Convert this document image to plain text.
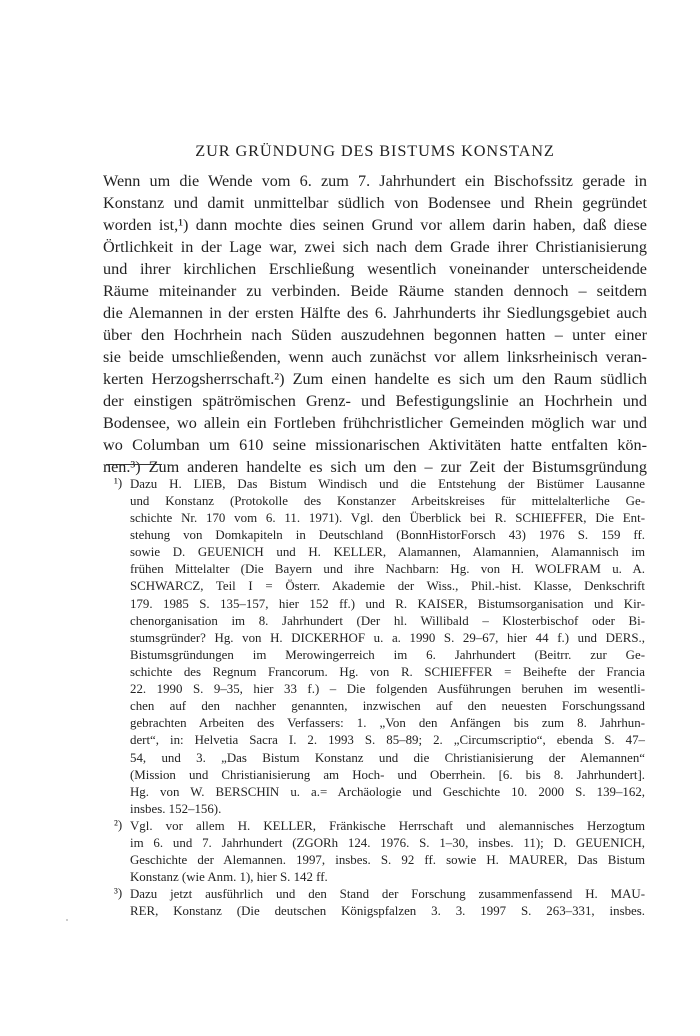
ZUR GRÜNDUNG DES BISTUMS KONSTANZ
Wenn um die Wende vom 6. zum 7. Jahrhundert ein Bischofssitz gerade in
Konstanz und damit unmittelbar südlich von Bodensee und Rhein gegründet
worden ist,¹) dann mochte dies seinen Grund vor allem darin haben, daß diese
Örtlichkeit in der Lage war, zwei sich nach dem Grade ihrer Christianisierung
und ihrer kirchlichen Erschließung wesentlich voneinander unterscheidende
Räume miteinander zu verbinden. Beide Räume standen dennoch – seitdem
die Alemannen in der ersten Hälfte des 6. Jahrhunderts ihr Siedlungsgebiet auch
über den Hochrhein nach Süden auszudehnen begonnen hatten – unter einer
sie beide umschließenden, wenn auch zunächst vor allem linksrheinisch veran-
kerten Herzogsherrschaft.²) Zum einen handelte es sich um den Raum südlich
der einstigen spätrömischen Grenz- und Befestigungslinie an Hochrhein und
Bodensee, wo allein ein Fortleben frühchristlicher Gemeinden möglich war und
wo Columban um 610 seine missionarischen Aktivitäten hatte entfalten kön-
nen.³) Zum anderen handelte es sich um den – zur Zeit der Bistumsgründung
¹)
²)
³)
Dazu H. LIEB, Das Bistum Windisch und die Entstehung der Bistümer Lausanne
und Konstanz (Protokolle des Konstanzer Arbeitskreises für mittelalterliche Ge-
schichte Nr. 170 vom 6. 11. 1971). Vgl. den Überblick bei R. SCHIEFFER, Die Ent-
stehung von Domkapiteln in Deutschland (BonnHistorForsch 43) 1976 S. 159 ff.
sowie D. GEUENICH und H. KELLER, Alamannen, Alamannien, Alamannisch im
frühen Mittelalter (Die Bayern und ihre Nachbarn: Hg. von H. WOLFRAM u. A.
SCHWARCZ, Teil I = Österr. Akademie der Wiss., Phil.-hist. Klasse, Denkschrift
179. 1985 S. 135–157, hier 152 ff.) und R. KAISER, Bistumsorganisation und Kir-
chenorganisation im 8. Jahrhundert (Der hl. Willibald – Klosterbischof oder Bi-
stumsgründer? Hg. von H. DICKERHOF u. a. 1990 S. 29–67, hier 44 f.) und DERS.,
Bistumsgründungen im Merowingerreich im 6. Jahrhundert (Beitrr. zur Ge-
schichte des Regnum Francorum. Hg. von R. SCHIEFFER = Beihefte der Francia
22. 1990 S. 9–35, hier 33 f.) – Die folgenden Ausführungen beruhen im wesentli-
chen auf den nachher genannten, inzwischen auf den neuesten Forschungssand
gebrachten Arbeiten des Verfassers: 1. „Von den Anfängen bis zum 8. Jahrhun-
dert“, in: Helvetia Sacra I. 2. 1993 S. 85–89; 2. „Circumscriptio“, ebenda S. 47–
54, und 3. „Das Bistum Konstanz und die Christianisierung der Alemannen“
(Mission und Christianisierung am Hoch- und Oberrhein. [6. bis 8. Jahrhundert].
Hg. von W. BERSCHIN u. a.= Archäologie und Geschichte 10. 2000 S. 139–162,
insbes. 152–156).
Vgl. vor allem H. KELLER, Fränkische Herrschaft und alemannisches Herzogtum
im 6. und 7. Jahrhundert (ZGORh 124. 1976. S. 1–30, insbes. 11); D. GEUENICH,
Geschichte der Alemannen. 1997, insbes. S. 92 ff. sowie H. MAURER, Das Bistum
Konstanz (wie Anm. 1), hier S. 142 ff.
Dazu jetzt ausführlich und den Stand der Forschung zusammenfassend H. MAU-
RER, Konstanz (Die deutschen Königspfalzen 3. 3. 1997 S. 263–331, insbes.
